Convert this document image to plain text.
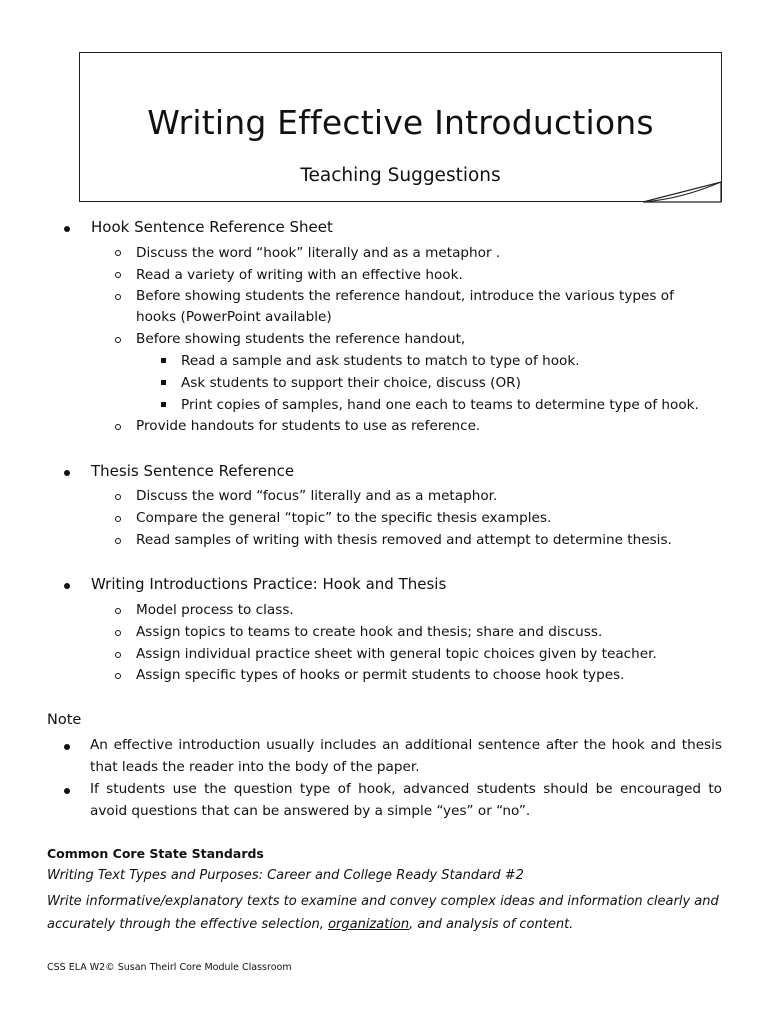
Writing Effective Introductions
Teaching Suggestions
Hook Sentence Reference Sheet
Discuss the word “hook” literally and as a metaphor .
Read a variety of writing with an effective hook.
Before showing students the reference handout, introduce the various types of
hooks (PowerPoint available)
Before showing students the reference handout,
Read a sample and ask students to match to type of hook.
Ask students to support their choice, discuss (OR)
Print copies of samples, hand one each to teams to determine type of hook.
Provide handouts for students to use as reference.
Thesis Sentence Reference
Discuss the word “focus” literally and as a metaphor.
Compare the general “topic” to the specific thesis examples.
Read samples of writing with thesis removed and attempt to determine thesis.
Writing Introductions Practice: Hook and Thesis
Model process to class.
Assign topics to teams to create hook and thesis; share and discuss.
Assign individual practice sheet with general topic choices given by teacher.
Assign specific types of hooks or permit students to choose hook types.
Note
An effective introduction usually includes an additional sentence after the hook and thesis that leads the reader into the body of the paper.
If students use the question type of hook, advanced students should be encouraged to avoid questions that can be answered by a simple “yes” or “no”.
Common Core State Standards
Writing Text Types and Purposes: Career and College Ready Standard #2
Write informative/explanatory texts to examine and convey complex ideas and information clearly and accurately through the effective selection, organization, and analysis of content.
CSS ELA W2© Susan Theirl Core Module Classroom
